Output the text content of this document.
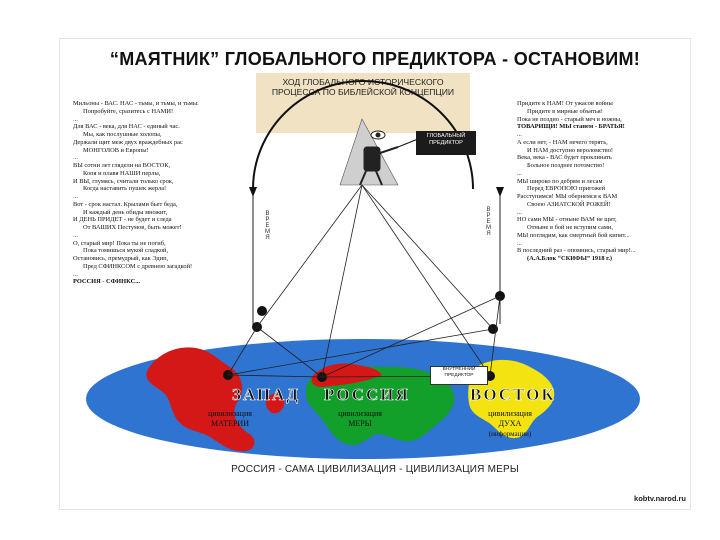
“МАЯТНИК” ГЛОБАЛЬНОГО ПРЕДИКТОРА - ОСТАНОВИМ!
ХОД ГЛОБАЛЬНОГО ИСТОРИЧЕСКОГО
ПРОЦЕССА ПО БИБЛЕЙСКОЙ КОНЦЕПЦИИ
ЗАПАД РОССИЯ	ВОСТОК
цивилизация
МАТЕРИИ
цивилизация
МЕРЫ
цивилизация
ДУХА
(информации)
ГЛОБАЛЬНЫЙ
ПРЕДИКТОР
ВНУТРЕННИЙ
ПРЕДИКТОР
ВРЕМЯ	ВРЕМЯ
Мильоны - ВАС. НАС - тьмы, и тьмы, и тьмы.
Попробуйте, сразитесь с НАМИ!
...
Для ВАС - века, для НАС - единый час.
Мы, как послушные холопы,
Держали щит меж двух враждебных рас
МОНГОЛОВ и Европы!
...
ВЫ сотни лет глядели на ВОСТОК,
Копя и плавя НАШИ перлы,
И ВЫ, глумясь, считали только срок,
Когда наставить пушек жерла!
...
Вот - срок настал. Крылами бьет беда,
И каждый день обиды множит,
И ДЕНЬ ПРИДЕТ - не будет и следа
От ВАШИХ Пестумов, быть может!
...
О, старый мир! Пока ты не погиб,
Пока томишься мукой сладкой,
Остановись, премудрый, как Эдип,
Пред СФИНКСОМ с древнею загадкой!
...
РОССИЯ - СФИНКС...
Придите к НАМ! От ужасов войны
Придите в мирные объятья!
Пока не поздно - старый меч в ножны,
ТОВАРИЩИ! МЫ станем - БРАТЬЯ!
...
А если нет, - НАМ нечего терять,
И НАМ доступно вероломство!
Века, века - ВАС будет проклинать
Больное позднее потомство!
...
МЫ широко по дебрям и лесам
Перед ЕВРОПОЮ пригожей
Расступимся! МЫ обернемся к ВАМ
Своею АЗИАТСКОЙ РОЖЕЙ!
...
НО сами МЫ - отныне ВАМ не щит,
Отныне в бой не вступим сами,
МЫ поглядим, как смертный бой кипит...
...
В последний раз - опомнись, старый мир!...
(А.А.Блок “СКИФЫ” 1918 г.)
РОССИЯ - САМА ЦИВИЛИЗАЦИЯ - ЦИВИЛИЗАЦИЯ МЕРЫ
kobtv.narod.ru
